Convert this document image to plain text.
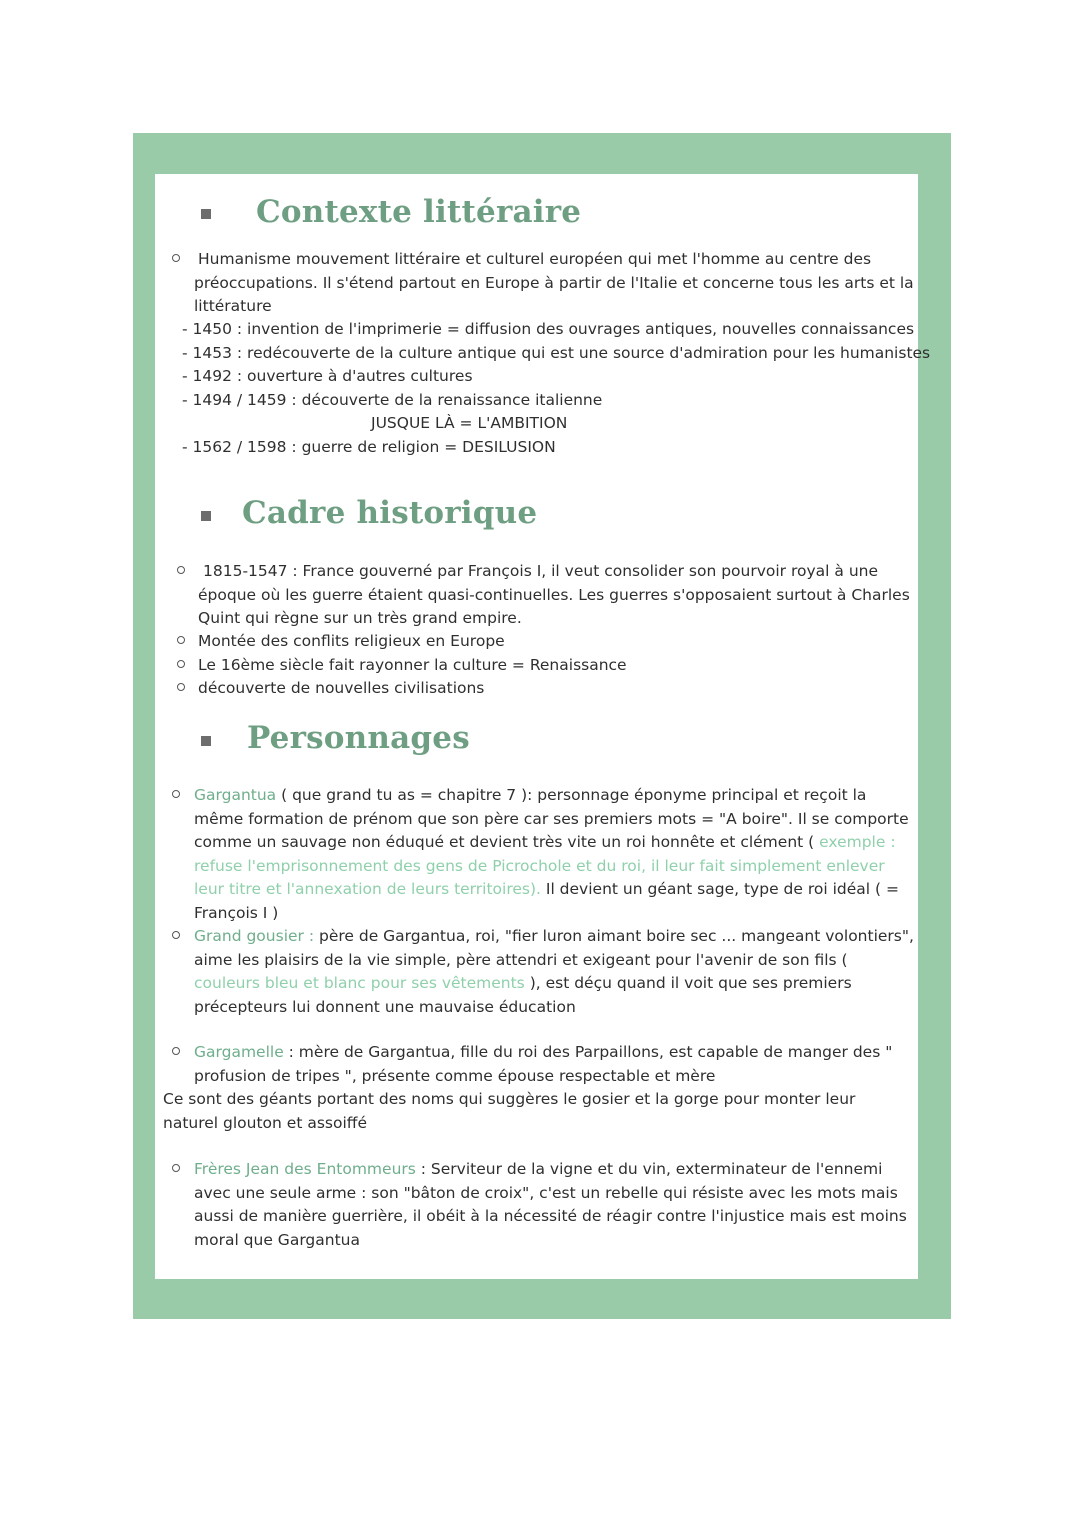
Contexte littéraire
Humanisme mouvement littéraire et culturel européen qui met l'homme au centre des préoccupations. Il s'étend partout en Europe à partir de l'Italie et concerne tous les arts et la littérature
- 1450 : invention de l'imprimerie = diffusion des ouvrages antiques, nouvelles connaissances
- 1453 : redécouverte de la culture antique qui est une source d'admiration pour les humanistes
- 1492 : ouverture à d'autres cultures
- 1494 / 1459 : découverte de la renaissance italienne
JUSQUE LÀ = L'AMBITION
- 1562 / 1598 : guerre de religion = DESILUSION
Cadre historique
1815-1547 : France gouverné par François I, il veut consolider son pourvoir royal à une époque où les guerre étaient quasi-continuelles. Les guerres s'opposaient surtout à Charles Quint qui règne sur un très grand empire.
Montée des conflits religieux en Europe
Le 16ème siècle fait rayonner la culture = Renaissance
découverte de nouvelles civilisations
Personnages
Gargantua ( que grand tu as = chapitre 7 ): personnage éponyme principal et reçoit la même formation de prénom que son père car ses premiers mots = "A boire". Il se comporte comme un sauvage non éduqué et devient très vite un roi honnête et clément ( exemple : refuse l'emprisonnement des gens de Picrochole et du roi, il leur fait simplement enlever leur titre et l'annexation de leurs territoires). Il devient un géant sage, type de roi idéal ( = François I )
Grand gousier : père de Gargantua, roi, "fier luron aimant boire sec ... mangeant volontiers", aime les plaisirs de la vie simple, père attendri et exigeant pour l'avenir de son fils ( couleurs bleu et blanc pour ses vêtements ), est déçu quand il voit que ses premiers précepteurs lui donnent une mauvaise éducation
Gargamelle : mère de Gargantua, fille du roi des Parpaillons, est capable de manger des " profusion de tripes ", présente comme épouse respectable et mère
Ce sont des géants portant des noms qui suggères le gosier et la gorge pour monter leur naturel glouton et assoiffé
Frères Jean des Entommeurs : Serviteur de la vigne et du vin, exterminateur de l'ennemi avec une seule arme : son "bâton de croix", c'est un rebelle qui résiste avec les mots mais aussi de manière guerrière, il obéit à la nécessité de réagir contre l'injustice mais est moins moral que Gargantua
